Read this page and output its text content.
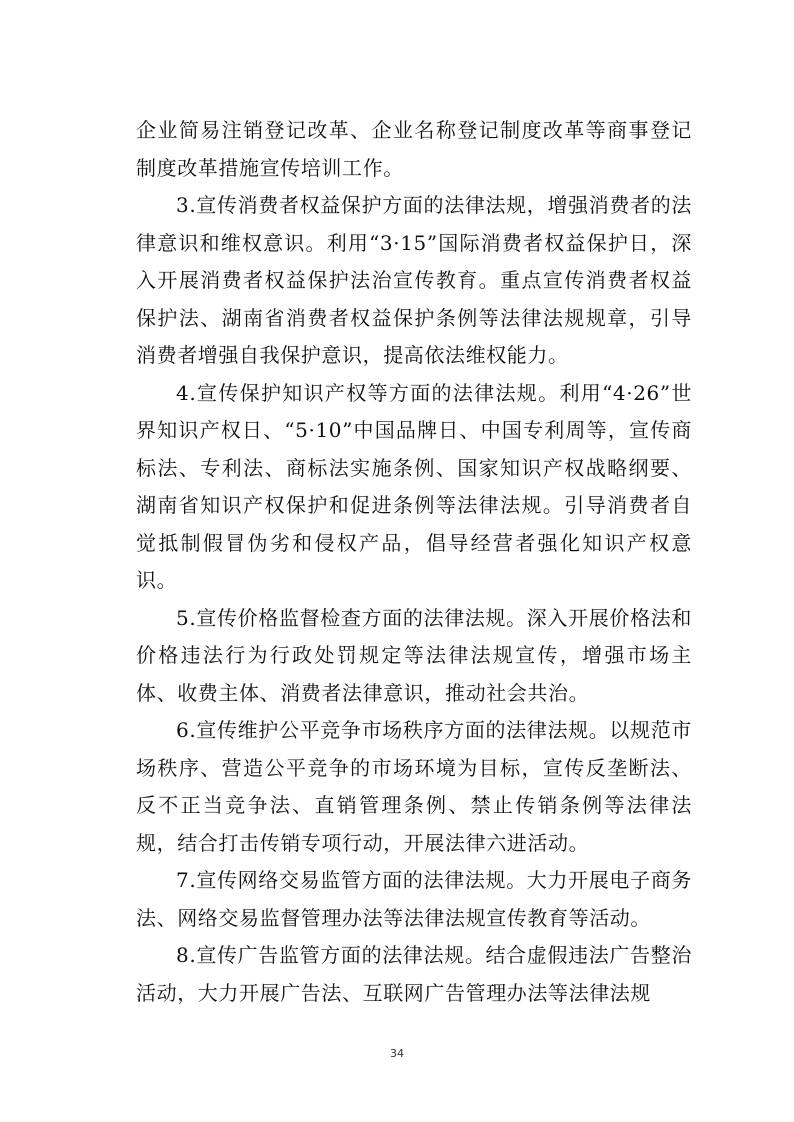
企业简易注销登记改革、企业名称登记制度改革等商事登记制度改革措施宣传培训工作。

3.宣传消费者权益保护方面的法律法规，增强消费者的法律意识和维权意识。利用“3·15”国际消费者权益保护日，深入开展消费者权益保护法治宣传教育。重点宣传消费者权益保护法、湖南省消费者权益保护条例等法律法规规章，引导消费者增强自我保护意识，提高依法维权能力。

4.宣传保护知识产权等方面的法律法规。利用“4·26”世界知识产权日、“5·10”中国品牌日、中国专利周等，宣传商标法、专利法、商标法实施条例、国家知识产权战略纲要、湖南省知识产权保护和促进条例等法律法规。引导消费者自觉抵制假冒伪劣和侵权产品，倡导经营者强化知识产权意识。

5.宣传价格监督检查方面的法律法规。深入开展价格法和价格违法行为行政处罚规定等法律法规宣传，增强市场主体、收费主体、消费者法律意识，推动社会共治。

6.宣传维护公平竞争市场秩序方面的法律法规。以规范市场秩序、营造公平竞争的市场环境为目标，宣传反垄断法、反不正当竞争法、直销管理条例、禁止传销条例等法律法规，结合打击传销专项行动，开展法律六进活动。

7.宣传网络交易监管方面的法律法规。大力开展电子商务法、网络交易监督管理办法等法律法规宣传教育等活动。

8.宣传广告监管方面的法律法规。结合虚假违法广告整治活动，大力开展广告法、互联网广告管理办法等法律法规

34
